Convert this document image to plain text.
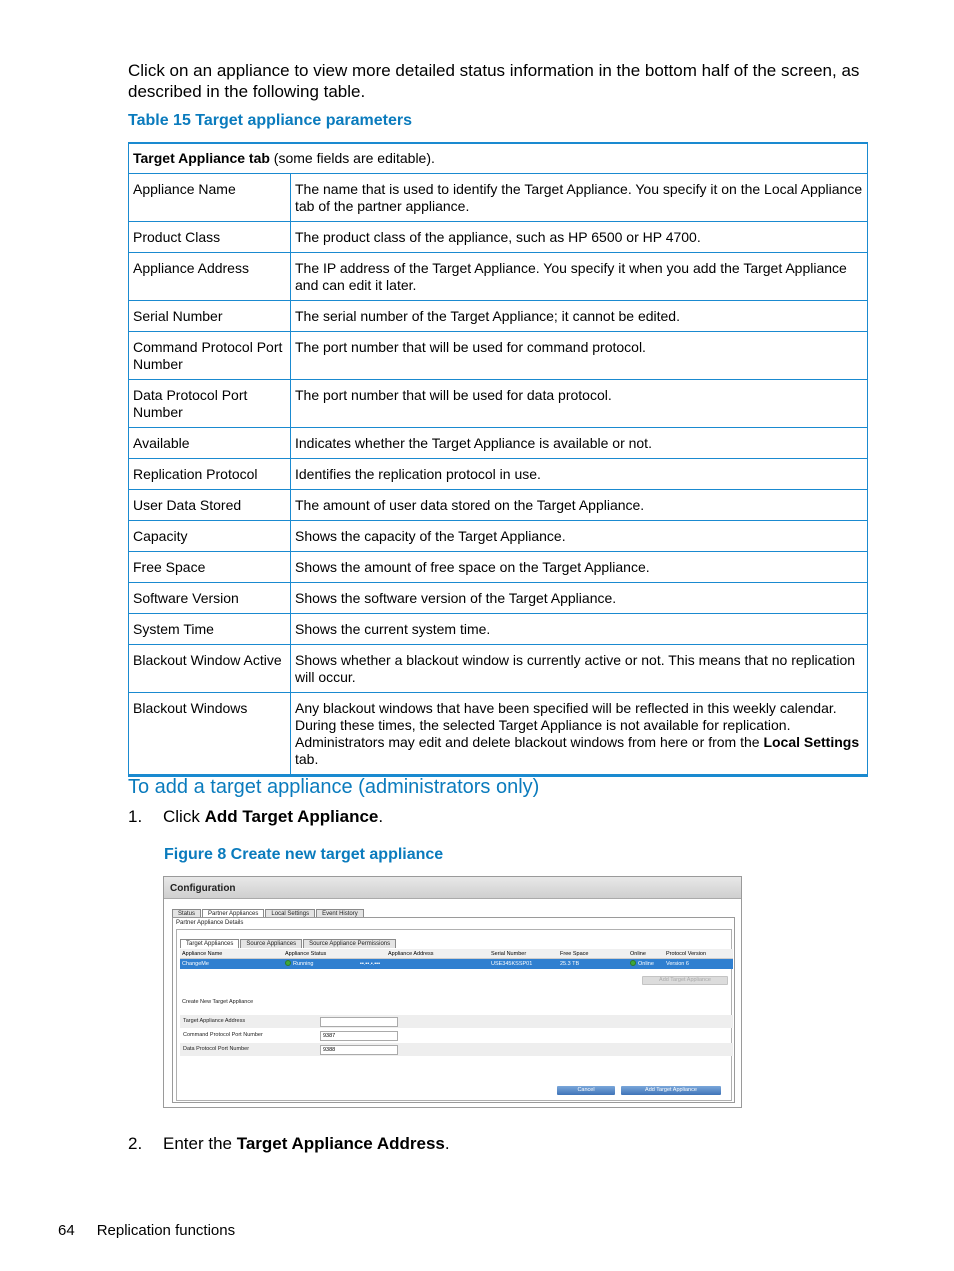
Click on an appliance to view more detailed status information in the bottom half of the screen, as described in the following table.
Table 15 Target appliance parameters
Target Appliance tab (some fields are editable).	
Appliance Name	The name that is used to identify the Target Appliance. You specify it on the Local Appliance tab of the partner appliance.
Product Class	The product class of the appliance, such as HP 6500 or HP 4700.
Appliance Address	The IP address of the Target Appliance. You specify it when you add the Target Appliance and can edit it later.
Serial Number	The serial number of the Target Appliance; it cannot be edited.
Command Protocol Port Number	The port number that will be used for command protocol.
Data Protocol Port Number	The port number that will be used for data protocol.
Available	Indicates whether the Target Appliance is available or not.
Replication Protocol	Identifies the replication protocol in use.
User Data Stored	The amount of user data stored on the Target Appliance.
Capacity	Shows the capacity of the Target Appliance.
Free Space	Shows the amount of free space on the Target Appliance.
Software Version	Shows the software version of the Target Appliance.
System Time	Shows the current system time.
Blackout Window Active	Shows whether a blackout window is currently active or not. This means that no replication will occur.
Blackout Windows	Any blackout windows that have been specified will be reflected in this weekly calendar. During these times, the selected Target Appliance is not available for replication. Administrators may edit and delete blackout windows from here or from the Local Settings tab.
To add a target appliance (administrators only)
1. Click Add Target Appliance.
Figure 8 Create new target appliance
Configuration
Status	Partner Appliances	Local Settings	Event History
Partner Appliance Details
Target Appliances	Source Appliances	Source Appliance Permissions
Appliance Name	Appliance Status	Appliance Address	Serial Number	Free Space	Online	Protocol Version
ChangeMe	Running	▪▪.▪▪.▪.▪▪▪	USE345KSSP01	25.3 TB	Online Version 6
Add Target Appliance
Create New Target Appliance
Target Appliance Address
Command Protocol Port Number	9387
Data Protocol Port Number	9388
Cancel	Add Target Appliance
2. Enter the Target Appliance Address.
64 Replication functions
